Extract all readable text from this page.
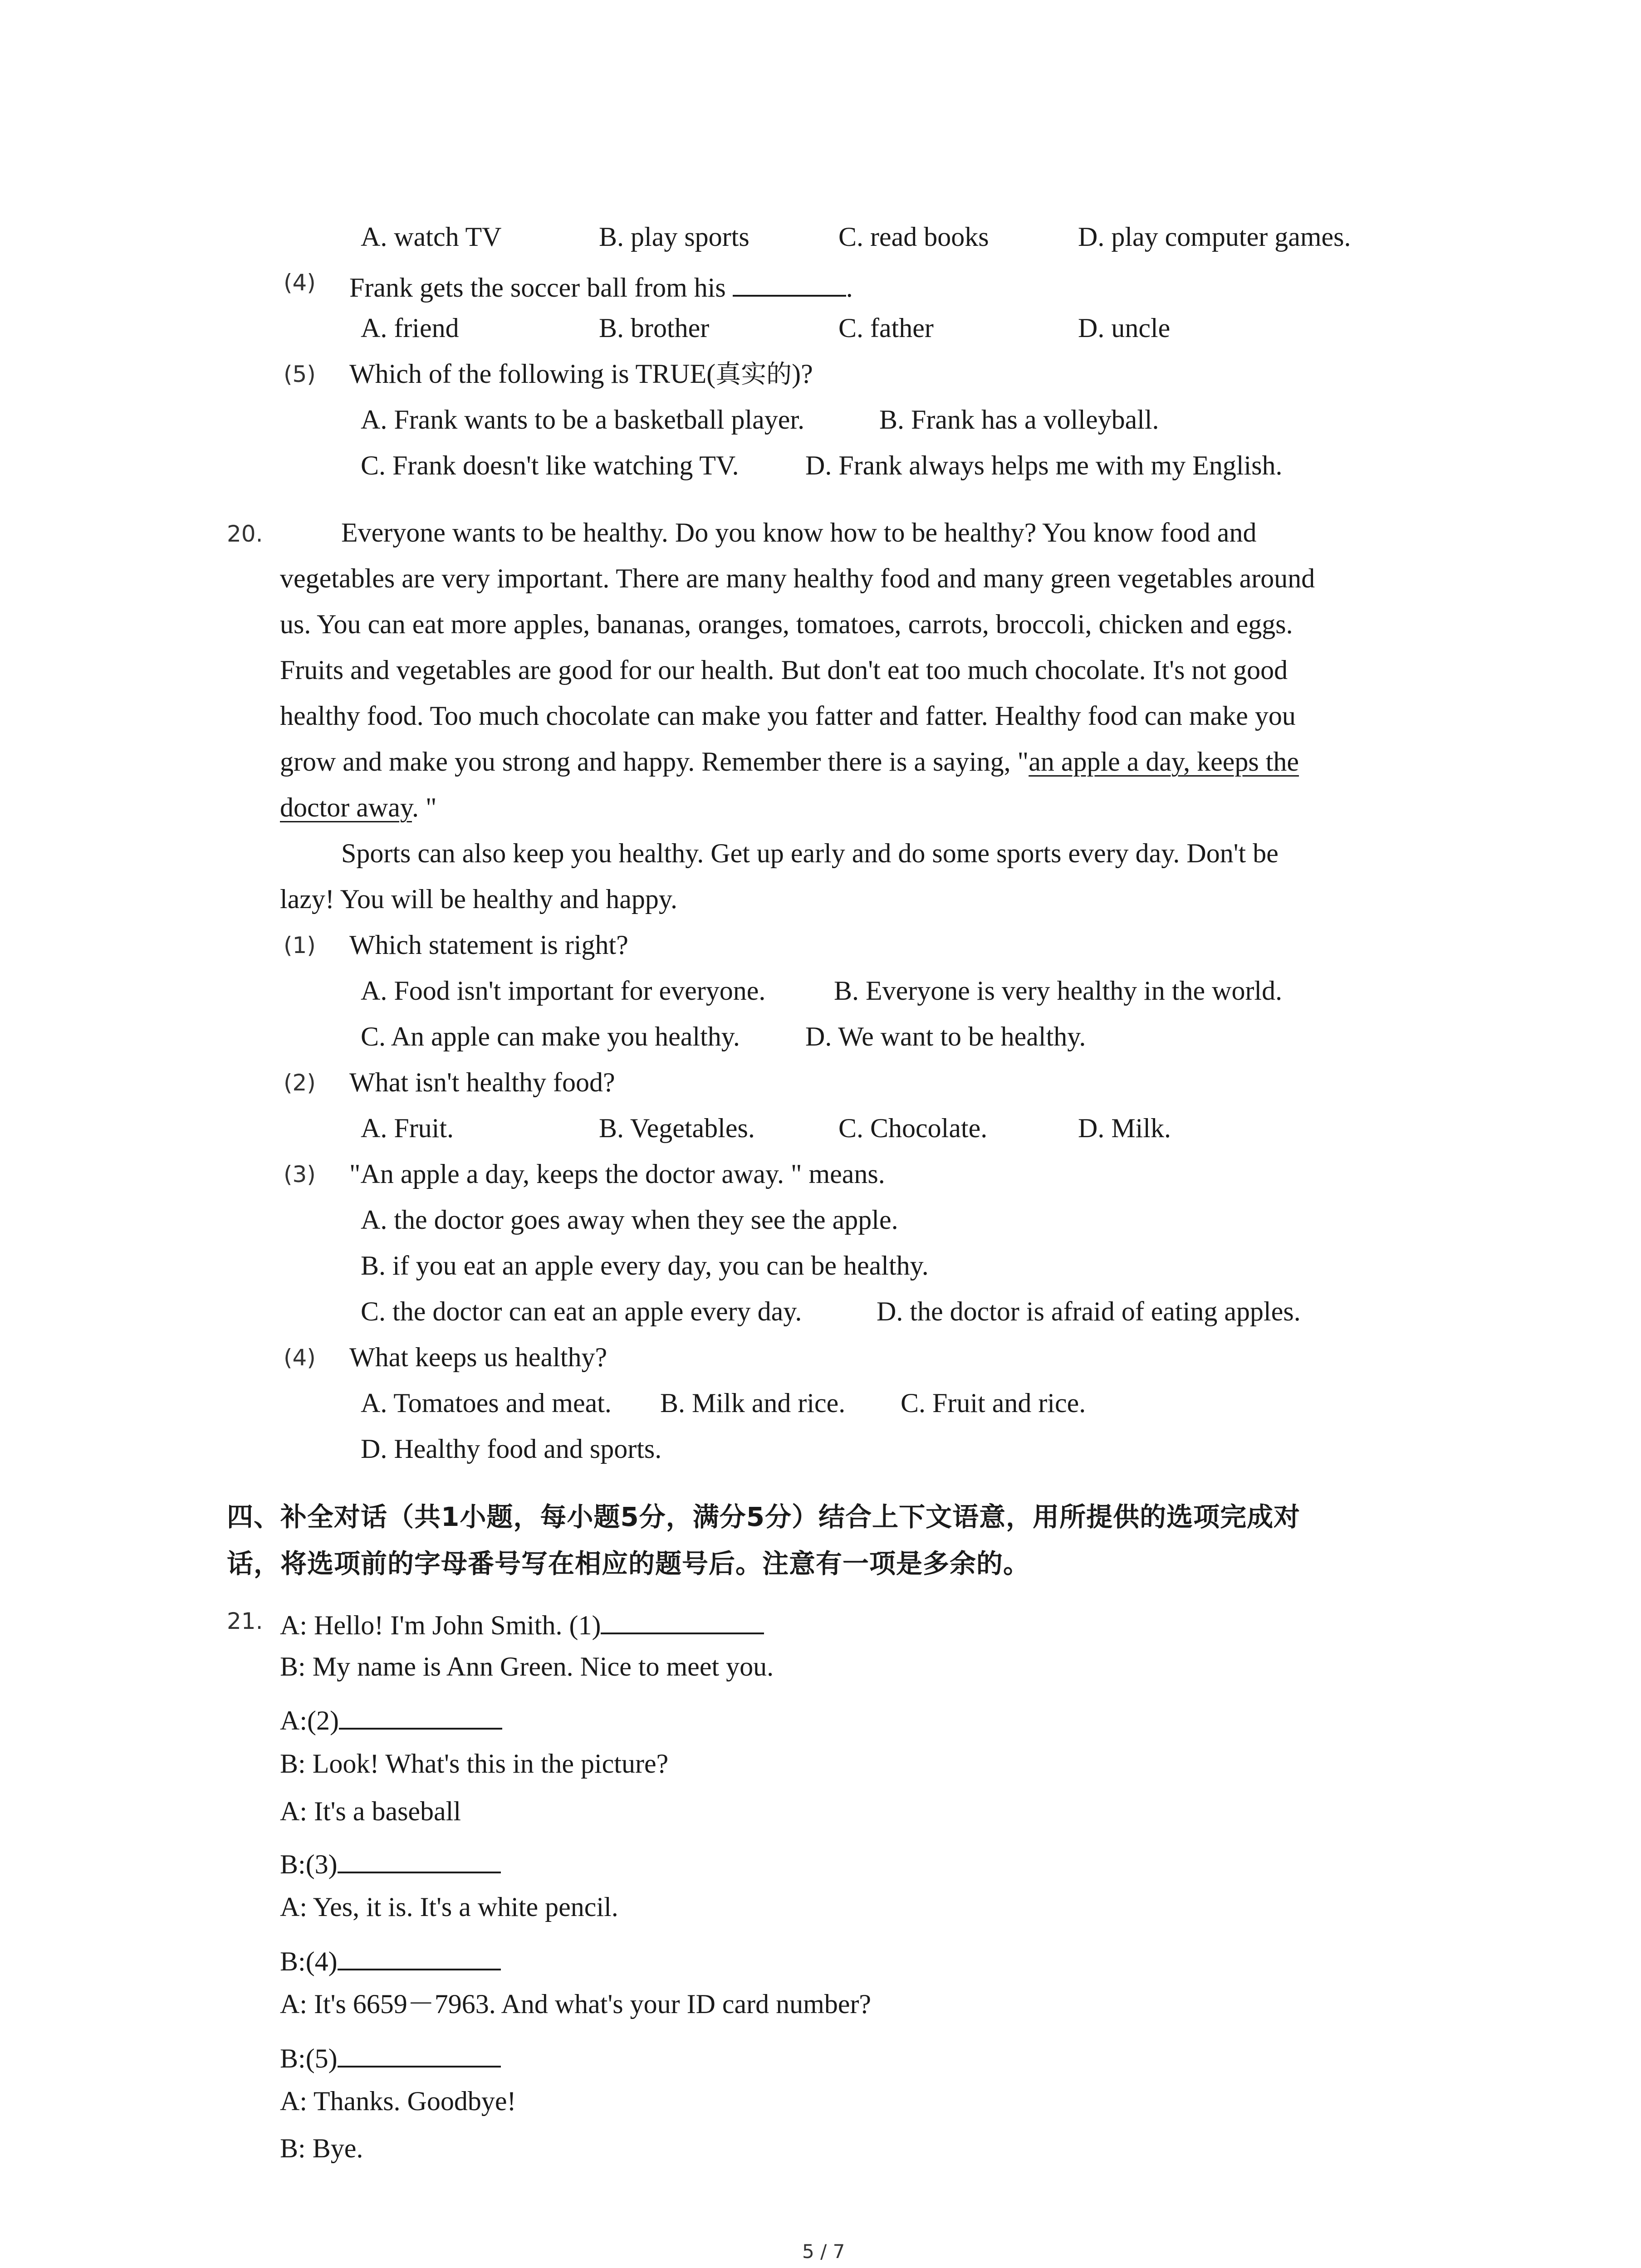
A. watch TV	B. play sports	C. read books	D. play computer games.
(4) Frank gets the soccer ball from his	.
A. friend	B. brother	C. father	D. uncle
(5) Which of the following is TRUE(真实的)?
A. Frank wants to be a basketball player.	B. Frank has a volleyball.
C. Frank doesn't like watching TV. D. Frank always helps me with my English.
20.	Everyone wants to be healthy. Do you know how to be healthy? You know food and
vegetables are very important. There are many healthy food and many green vegetables around
us. You can eat more apples, bananas, oranges, tomatoes, carrots, broccoli, chicken and eggs.
Fruits and vegetables are good for our health. But don't eat too much chocolate. It's not good
healthy food. Too much chocolate can make you fatter and fatter. Healthy food can make you
grow and make you strong and happy. Remember there is a saying, "an apple a day, keeps the
doctor away. "
Sports can also keep you healthy. Get up early and do some sports every day. Don't be
lazy! You will be healthy and happy.
(1) Which statement is right?
A. Food isn't important for everyone.	B. Everyone is very healthy in the world.
C. An apple can make you healthy. D. We want to be healthy.
(2) What isn't healthy food?
A. Fruit.	B. Vegetables.	C. Chocolate.	D. Milk.
(3) "An apple a day, keeps the doctor away. " means.
A. the doctor goes away when they see the apple.
B. if you eat an apple every day, you can be healthy.
C. the doctor can eat an apple every day.	D. the doctor is afraid of eating apples.
(4) What keeps us healthy?
A. Tomatoes and meat. B. Milk and rice. C. Fruit and rice.
D. Healthy food and sports.
四、补全对话（共1小题，每小题5分，满分5分）结合上下文语意，用所提供的选项完成对
话，将选项前的字母番号写在相应的题号后。注意有一项是多余的。
21. A: Hello! I'm John Smith. (1)
B: My name is Ann Green. Nice to meet you.
A:(2)
B: Look! What's this in the picture?
A: It's a baseball
B:(3)
A: Yes, it is. It's a white pencil.
B:(4)
A: It's 6659－7963. And what's your ID card number?
B:(5)
A: Thanks. Goodbye!
B: Bye.
5 / 7
